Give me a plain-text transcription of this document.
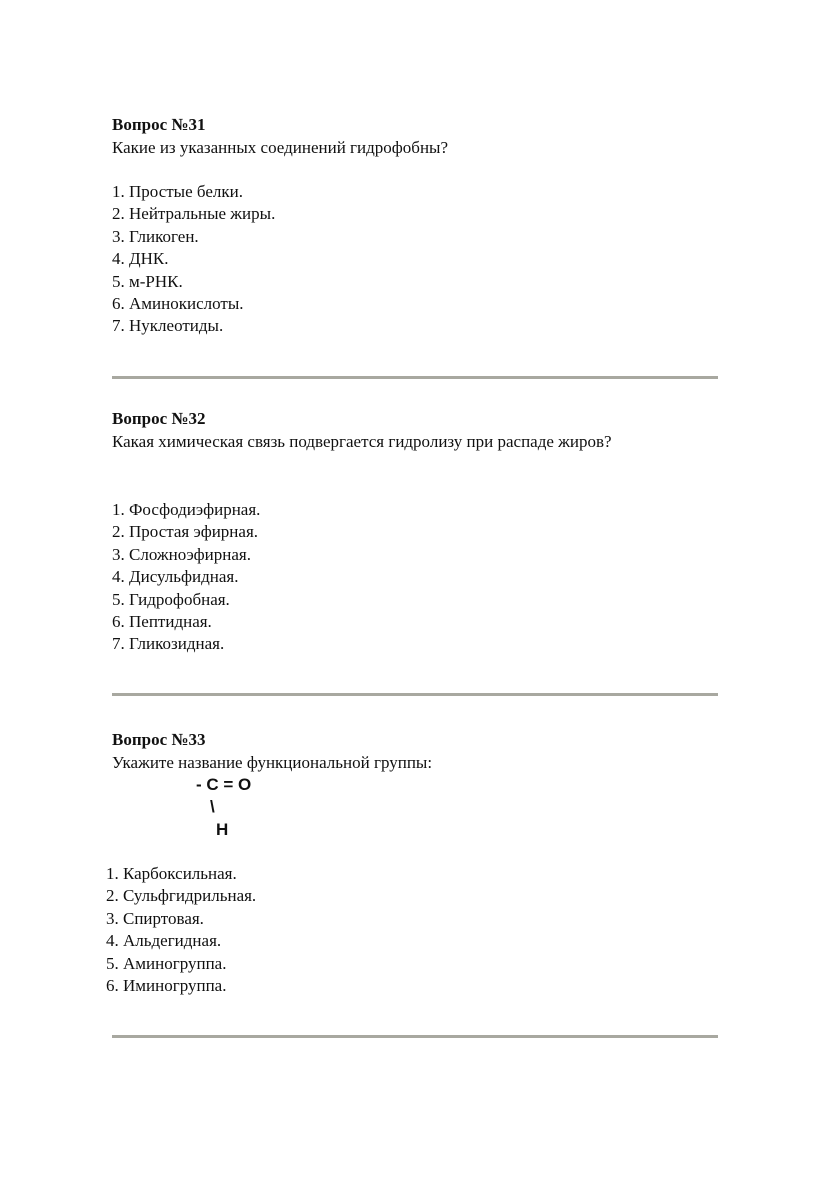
Вопрос №31
Какие из указанных соединений гидрофобны?
1. Простые белки.
2. Нейтральные жиры.
3. Гликоген.
4. ДНК.
5. м-РНК.
6. Аминокислоты.
7. Нуклеотиды.
Вопрос №32
Какая химическая связь подвергается гидролизу при распаде жиров?
1. Фосфодиэфирная.
2. Простая эфирная.
3. Сложноэфирная.
4. Дисульфидная.
5. Гидрофобная.
6. Пептидная.
7. Гликозидная.
Вопрос №33
Укажите название функциональной группы:
- C = O
\
H
1. Карбоксильная.
2. Сульфгидрильная.
3. Спиртовая.
4. Альдегидная.
5. Аминогруппа.
6. Иминогруппа.
